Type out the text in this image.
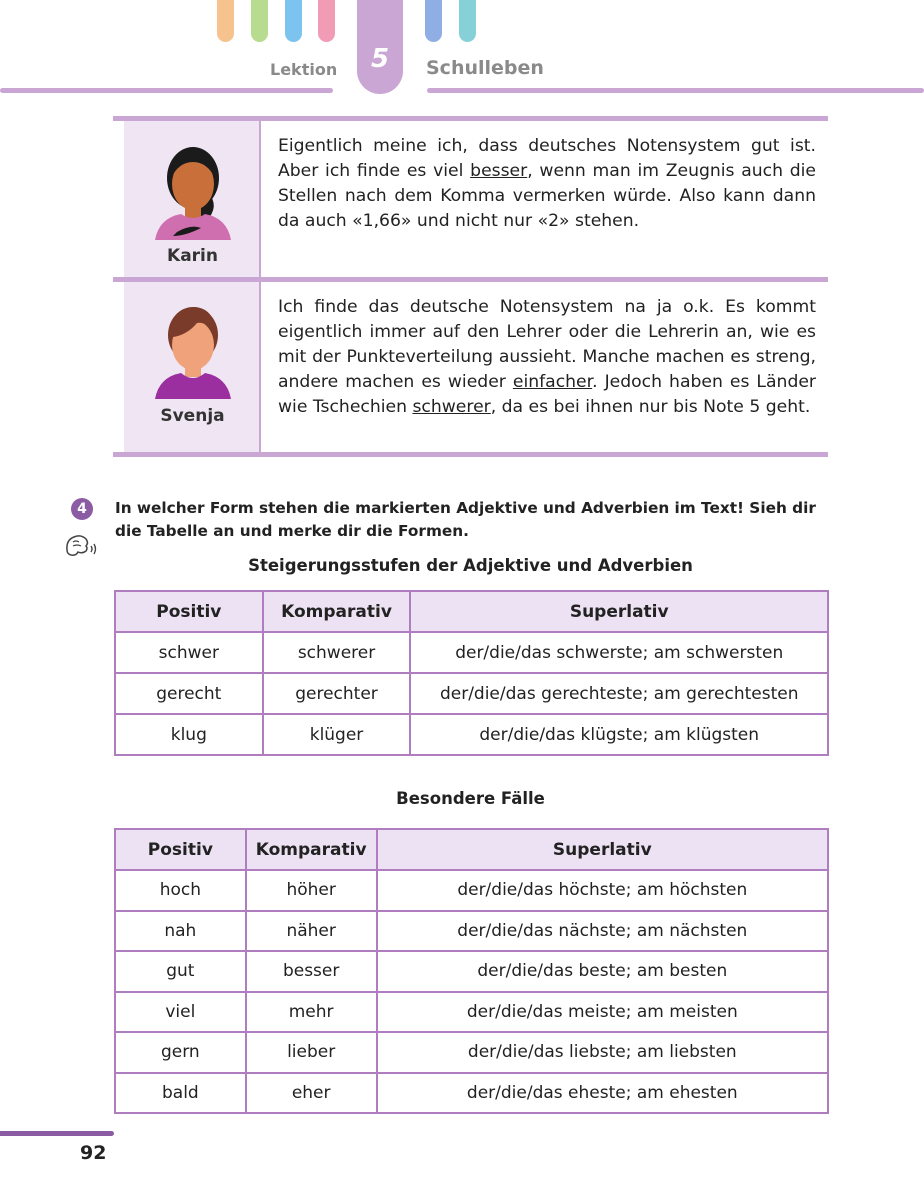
5
Lektion	Schulleben
Karin
Eigentlich meine ich, dass deutsches Notensystem gut ist. Aber ich finde es viel besser, wenn man im Zeugnis auch die Stellen nach dem Komma vermerken würde. Also kann dann da auch «1,66» und nicht nur «2» stehen.
Svenja
Ich finde das deutsche Notensystem na ja o.k. Es kommt eigentlich immer auf den Lehrer oder die Lehrerin an, wie es mit der Punkteverteilung aussieht. Manche machen es streng, andere machen es wieder einfacher. Jedoch haben es Länder wie Tschechien schwerer, da es bei ihnen nur bis Note 5 geht.
4	In welcher Form stehen die markierten Adjektive und Adverbien im Text! Sieh dir die Tabelle an und merke dir die Formen.
Steigerungsstufen der Adjektive und Adverbien
Positiv	Komparativ	Superlativ
schwer	schwerer	der/die/das schwerste; am schwersten
gerecht	gerechter	der/die/das gerechteste; am gerechtesten
klug	klüger	der/die/das klügste; am klügsten
Besondere Fälle
Positiv	Komparativ	Superlativ
hoch	höher	der/die/das höchste; am höchsten
nah	näher	der/die/das nächste; am nächsten
gut	besser	der/die/das beste; am besten
viel	mehr	der/die/das meiste; am meisten
gern	lieber	der/die/das liebste; am liebsten
bald	eher	der/die/das eheste; am ehesten
92
